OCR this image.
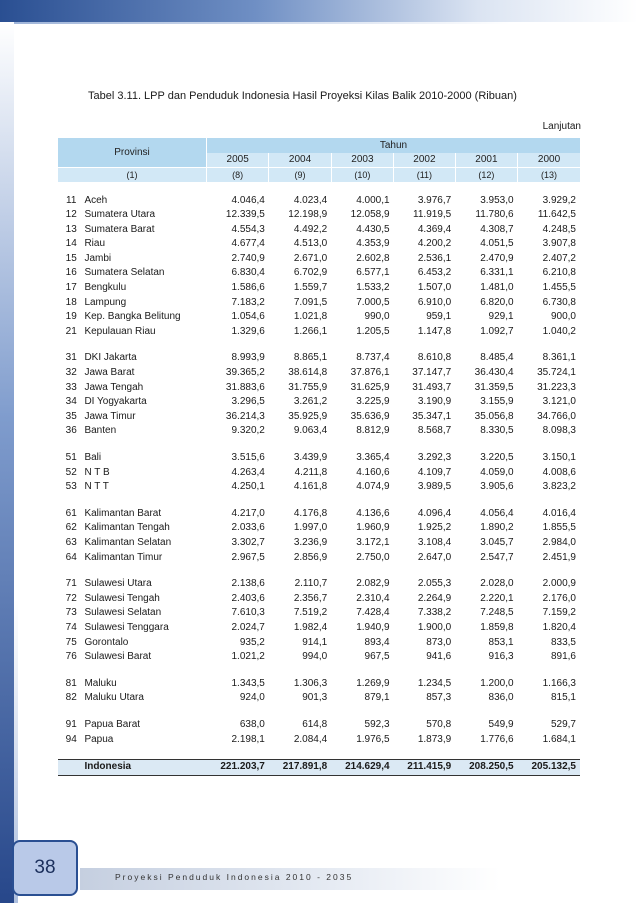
Tabel 3.11. LPP dan Penduduk Indonesia Hasil Proyeksi Kilas Balik 2010-2000 (Ribuan)
Lanjutan
Provinsi		Tahun					
		2005	2004	2003	2002	2001	2000
(1)		(8)	(9)	(10)	(11)	(12)	(13)

11	Aceh	4.046,4	4.023,4	4.000,1	3.976,7	3.953,0	3.929,2
12	Sumatera Utara	12.339,5	12.198,9	12.058,9	11.919,5	11.780,6	11.642,5
13	Sumatera Barat	4.554,3	4.492,2	4.430,5	4.369,4	4.308,7	4.248,5
14	Riau	4.677,4	4.513,0	4.353,9	4.200,2	4.051,5	3.907,8
15	Jambi	2.740,9	2.671,0	2.602,8	2.536,1	2.470,9	2.407,2
16	Sumatera Selatan	6.830,4	6.702,9	6.577,1	6.453,2	6.331,1	6.210,8
17	Bengkulu	1.586,6	1.559,7	1.533,2	1.507,0	1.481,0	1.455,5
18	Lampung	7.183,2	7.091,5	7.000,5	6.910,0	6.820,0	6.730,8
19	Kep. Bangka Belitung	1.054,6	1.021,8	990,0	959,1	929,1	900,0
21	Kepulauan Riau	1.329,6	1.266,1	1.205,5	1.147,8	1.092,7	1.040,2

31	DKI Jakarta	8.993,9	8.865,1	8.737,4	8.610,8	8.485,4	8.361,1
32	Jawa Barat	39.365,2	38.614,8	37.876,1	37.147,7	36.430,4	35.724,1
33	Jawa Tengah	31.883,6	31.755,9	31.625,9	31.493,7	31.359,5	31.223,3
34	DI Yogyakarta	3.296,5	3.261,2	3.225,9	3.190,9	3.155,9	3.121,0
35	Jawa Timur	36.214,3	35.925,9	35.636,9	35.347,1	35.056,8	34.766,0
36	Banten	9.320,2	9.063,4	8.812,9	8.568,7	8.330,5	8.098,3

51	Bali	3.515,6	3.439,9	3.365,4	3.292,3	3.220,5	3.150,1
52	N T B	4.263,4	4.211,8	4.160,6	4.109,7	4.059,0	4.008,6
53	N T T	4.250,1	4.161,8	4.074,9	3.989,5	3.905,6	3.823,2

61	Kalimantan Barat	4.217,0	4.176,8	4.136,6	4.096,4	4.056,4	4.016,4
62	Kalimantan Tengah	2.033,6	1.997,0	1.960,9	1.925,2	1.890,2	1.855,5
63	Kalimantan Selatan	3.302,7	3.236,9	3.172,1	3.108,4	3.045,7	2.984,0
64	Kalimantan Timur	2.967,5	2.856,9	2.750,0	2.647,0	2.547,7	2.451,9

71	Sulawesi Utara	2.138,6	2.110,7	2.082,9	2.055,3	2.028,0	2.000,9
72	Sulawesi Tengah	2.403,6	2.356,7	2.310,4	2.264,9	2.220,1	2.176,0
73	Sulawesi Selatan	7.610,3	7.519,2	7.428,4	7.338,2	7.248,5	7.159,2
74	Sulawesi Tenggara	2.024,7	1.982,4	1.940,9	1.900,0	1.859,8	1.820,4
75	Gorontalo	935,2	914,1	893,4	873,0	853,1	833,5
76	Sulawesi Barat	1.021,2	994,0	967,5	941,6	916,3	891,6

81	Maluku	1.343,5	1.306,3	1.269,9	1.234,5	1.200,0	1.166,3
82	Maluku Utara	924,0	901,3	879,1	857,3	836,0	815,1

91	Papua Barat	638,0	614,8	592,3	570,8	549,9	529,7
94	Papua	2.198,1	2.084,4	1.976,5	1.873,9	1.776,6	1.684,1

	Indonesia	221.203,7	217.891,8	214.629,4	211.415,9	208.250,5	205.132,5
38	Proyeksi Penduduk Indonesia 2010 - 2035
